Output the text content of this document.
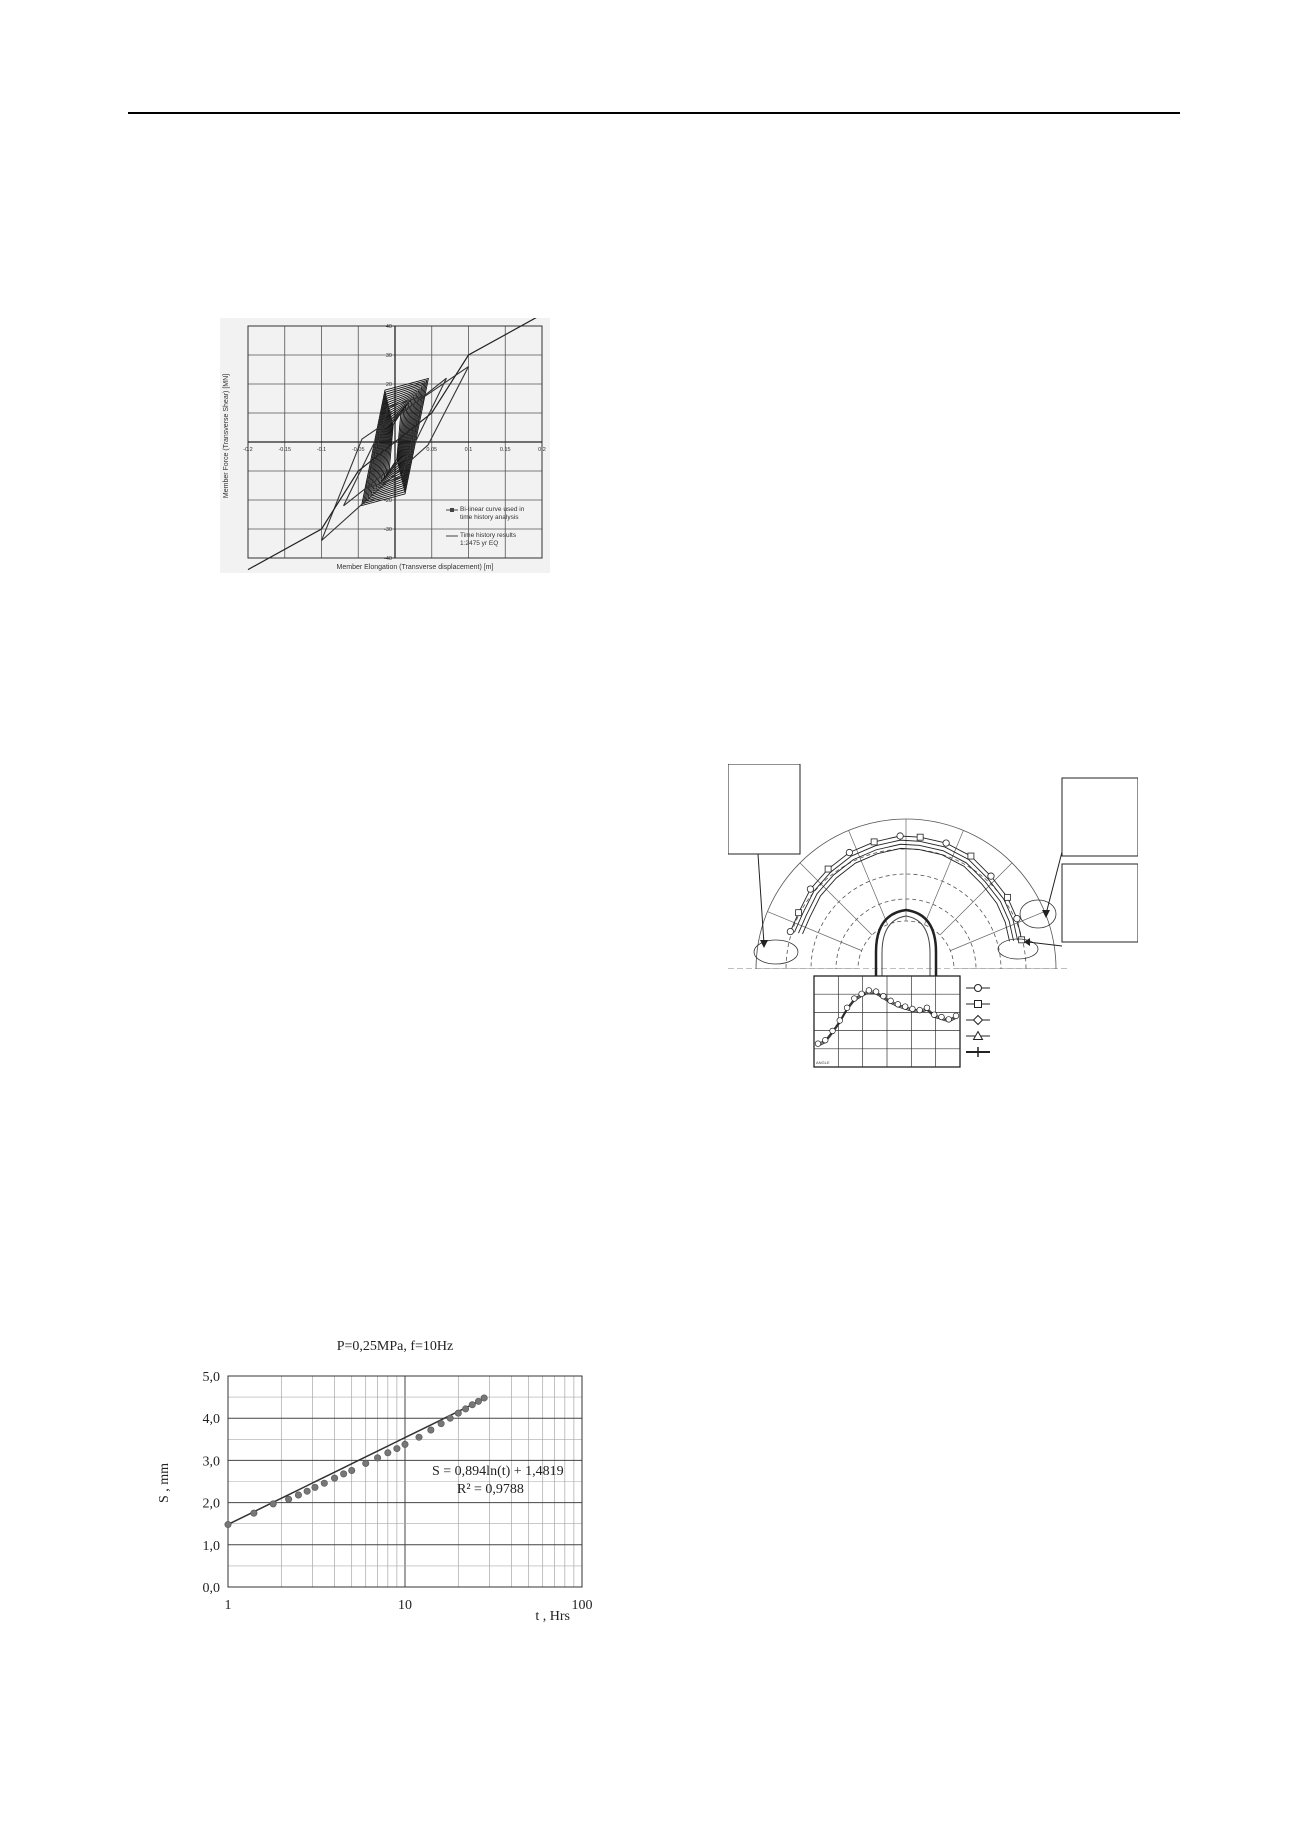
-0.2	-0.15	-0.1	-0.05	0.05	0.1	0.15	0.2
40
30
20
10
-10
-20
-30
-40
Member Elongation (Transverse displacement) [m]
Member Force (Transverse Shear) [MN]
Bi-linear curve used in
time history analysis
Time history results
1:2475 yr EQ
P=0,25MPa, f=10Hz
1	10	100
5,0
4,0
3,0
2,0
1,0
0,0
S = 0,894ln(t) + 1,4819
R² = 0,9788
S , mm
t , Hrs
ANGLE
